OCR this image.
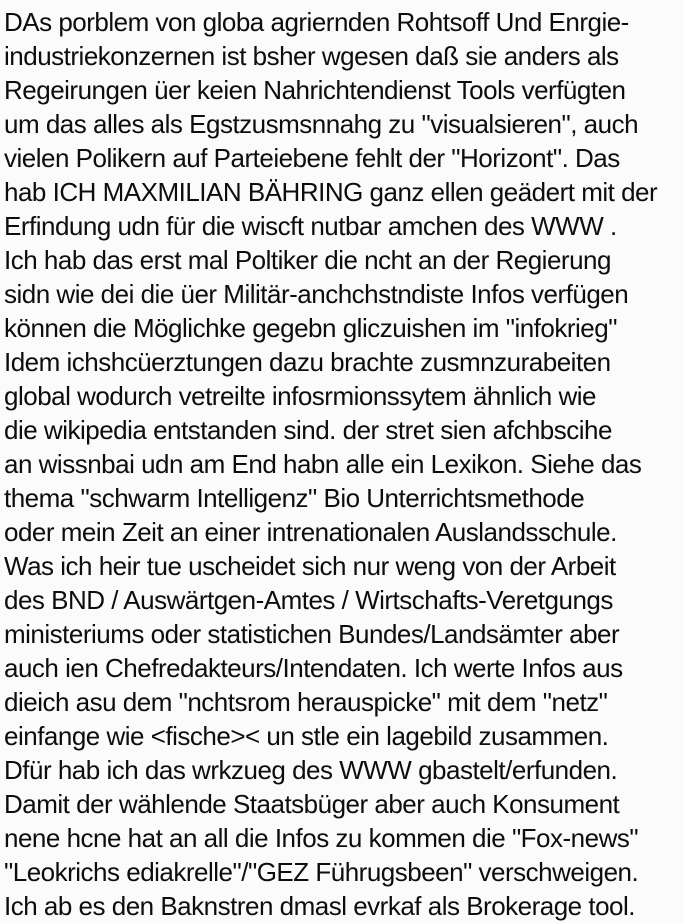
DAs porblem von globa agriernden Rohtsoff Und Enrgie-
industriekonzernen ist bsher wgesen daß sie anders als
Regeirungen üer keien Nahrichtendienst Tools verfügten
um das alles als Egstzusmsnnahg zu "visualsieren", auch
vielen Polikern auf Parteiebene fehlt der "Horizont". Das
hab ICH MAXMILIAN BÄHRING ganz ellen geädert mit der
Erfindung udn für die wiscft nutbar amchen des WWW .
Ich hab das erst mal Poltiker die ncht an der Regierung
sidn wie dei die üer Militär-anchchstndiste Infos verfügen
können die Möglichke gegebn gliczuishen im "infokrieg"
Idem ichshcüerztungen dazu brachte zusmnzurabeiten
global wodurch vetreilte infosrmionssytem ähnlich wie
die wikipedia entstanden sind. der stret sien afchbscihe
an wissnbai udn am End habn alle ein Lexikon. Siehe das
thema "schwarm Intelligenz" Bio Unterrichtsmethode
oder mein Zeit an einer intrenationalen Auslandsschule.
Was ich heir tue uscheidet sich nur weng von der Arbeit
des BND / Auswärtgen-Amtes / Wirtschafts-Veretgungs
ministeriums oder statistichen Bundes/Landsämter aber
auch ien Chefredakteurs/Intendaten. Ich werte Infos aus
dieich asu dem "nchtsrom herauspicke" mit dem "netz"
einfange wie <fische>< un stle ein lagebild zusammen.
Dfür hab ich das wrkzueg des WWW gbastelt/erfunden.
Damit der wählende Staatsbüger aber auch Konsument
nene hcne hat an all die Infos zu kommen die "Fox-news"
"Leokrichs ediakrelle"/"GEZ Führugsbeen" verschweigen.
Ich ab es den Baknstren dmasl evrkaf als Brokerage tool.
